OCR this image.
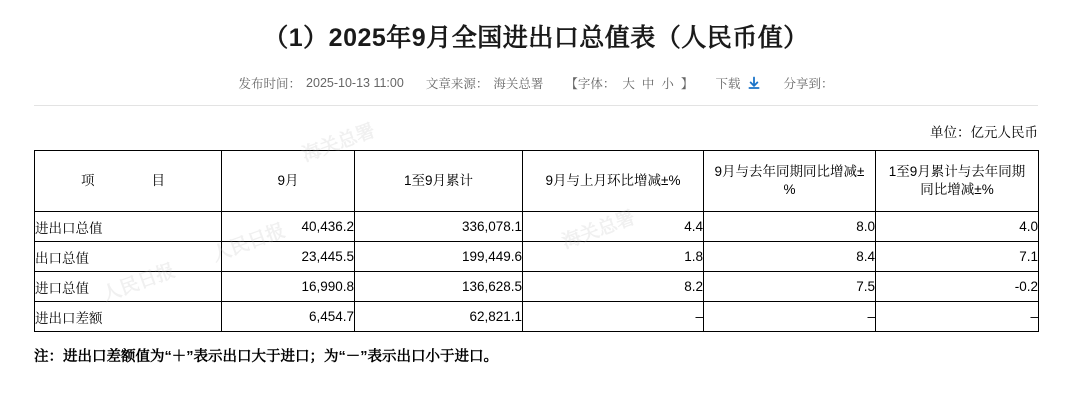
海关总署
人民日报	海关总署
人民日报
（1）2025年9月全国进出口总值表（人民币值）
发布时间： 2025-10-13 11:00 文章来源： 海关总署 【字体： 大 中 小 】 下载	分享到：
单位：亿元人民币
项　　目	9月	1至9月累计	9月与上月环比增减±%	9月与去年同期同比增减±%	1至9月累计与去年同期同比增减±%
进出口总值	40,436.2	336,078.1	4.4	8.0	4.0
出口总值	23,445.5	199,449.6	1.8	8.4	7.1
进口总值	16,990.8	136,628.5	8.2	7.5	-0.2
进出口差额	6,454.7	62,821.1	–	–	–
注：进出口差额值为“＋”表示出口大于进口；为“－”表示出口小于进口。
